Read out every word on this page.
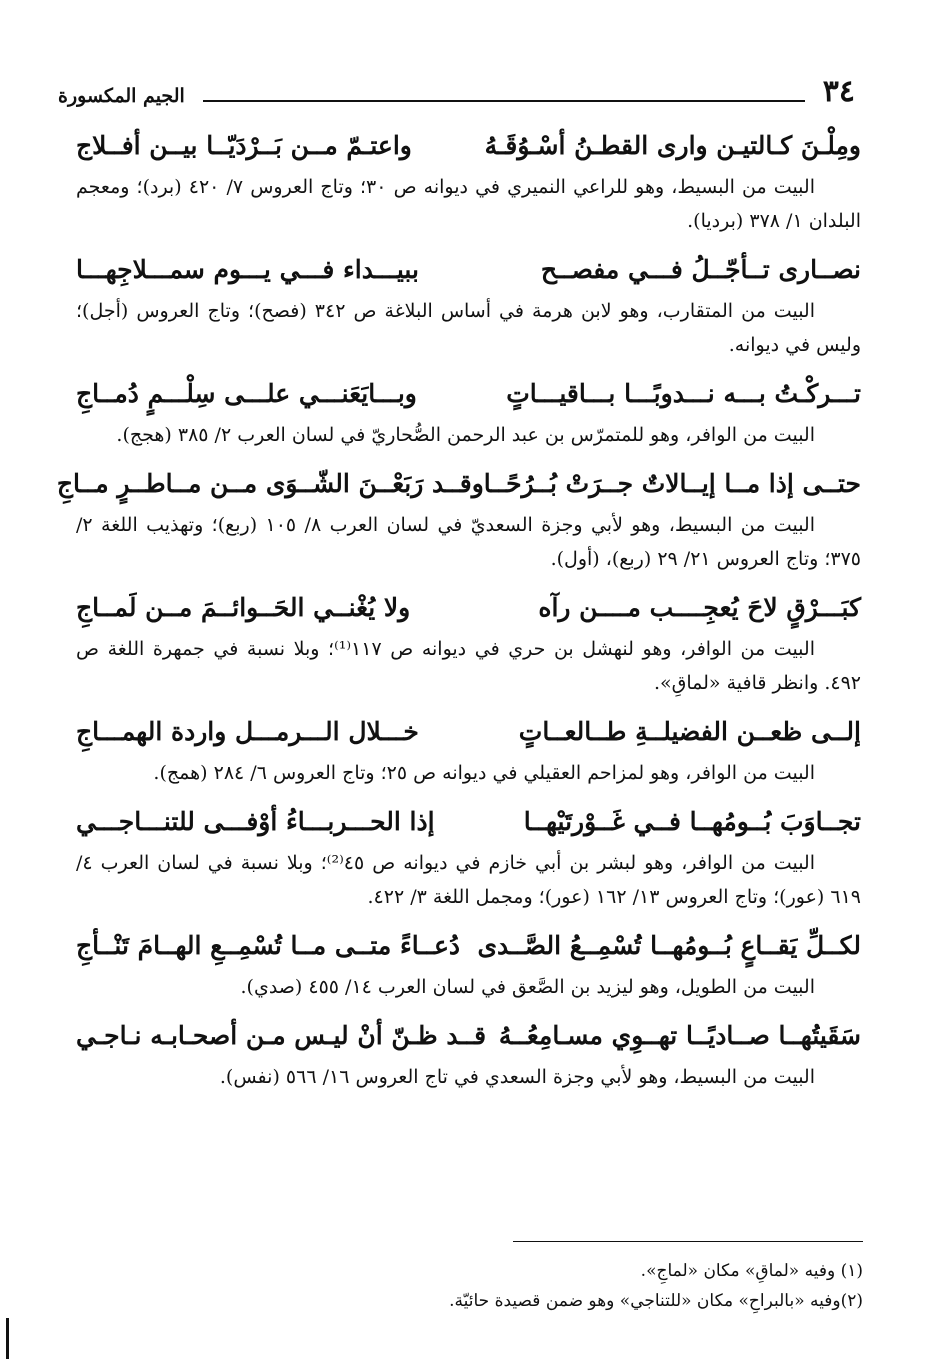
٣٤
الجيم المكسورة
ومِلْـنَ كـالتيـن وارى القطـنُ أسْـوُقَـهُ
واعتـمّ مــن بَــرْدَيّــا بيــن أفــلاج
البيت من البسيط، وهو للراعي النميري في ديوانه ص ٣٠؛ وتاج العروس ٧/ ٤٢٠ (برد)؛ ومعجم البلدان ١/ ٣٧٨ (برديا).
نصــارى تــأجّــلُ فـــي مفصــح
ببيـــداء فـــي يـــوم سمـــلاجِهـــا
البيت من المتقارب، وهو لابن هرمة في أساس البلاغة ص ٣٤٢ (فصح)؛ وتاج العروس (أجل)؛ وليس في ديوانه.
تـــركْـتُ بـــه نـــدوبًـــا بـــاقيـــاتٍ
وبـــايَعَنـــي علـــى سِلْـــمٍ دُمــاجِ
البيت من الوافر، وهو للمتمرّس بن عبد الرحمن الصُّحاريّ في لسان العرب ٢/ ٣٨٥ (هجج).
حتــى إذا مــا إيــالاتٌ جــرَتْ بُــرُحًــا
وقــد رَبَعْــنَ الشّــوَى مــن مــاطــرٍ مــاجِ
البيت من البسيط، وهو لأبي وجزة السعديّ في لسان العرب ٨/ ١٠٥ (ربع)؛ وتهذيب اللغة ٢/ ٣٧٥؛ وتاج العروس ٢١/ ٢٩ (ربع)، (أول).
كبَـــرْقٍ لاحَ يُعجِــــب مــــن رآه
ولا يُغْنــي الحَــوائــمَ مــن لَمــاجِ
البيت من الوافر، وهو لنهشل بن حري في ديوانه ص ١١٧⁽¹⁾؛ وبلا نسبة في جمهرة اللغة ص ٤٩٢. وانظر قافية «لماقِ».
إلــى ظعــن الفضيلــةِ طــالعــاتٍ
خـــلال الـــرمـــل واردة الهمـــاجِ
البيت من الوافر، وهو لمزاحم العقيلي في ديوانه ص ٢٥؛ وتاج العروس ٦/ ٢٨٤ (همج).
تجــاوَبَ بُــومُهــا فــي غَــوْرتَيْهــا
إذا الحـــربـــاءُ أوْفـــى للتنـــاجـــي
البيت من الوافر، وهو لبشر بن أبي خازم في ديوانه ص ٤٥⁽²⁾؛ وبلا نسبة في لسان العرب ٤/ ٦١٩ (عور)؛ وتاج العروس ١٣/ ١٦٢ (عور)؛ ومجمل اللغة ٣/ ٤٢٢.
لكــلِّ يَقــاعٍ بُــومُهــا تُسْمِــعُ الصَّــدى
دُعــاءً متــى مــا تُسْمِــعِ الهــامَ تَنْــأجِ
البيت من الطويل، وهو ليزيد بن الصَّعق في لسان العرب ١٤/ ٤٥٥ (صدي).
سَقَيتُهــا صــاديًــا تهــوِي مسـامِعُــهُ
قــد ظـنّ أنْ ليـس مـن أصحـابـه نـاجـي
البيت من البسيط، وهو لأبي وجزة السعدي في تاج العروس ١٦/ ٥٦٦ (نفس).
(١) وفيه «لماقِ» مكان «لماجِ».
(٢)وفيه «بالبراحِ» مكان «للتناجي» وهو ضمن قصيدة حائيّة.
